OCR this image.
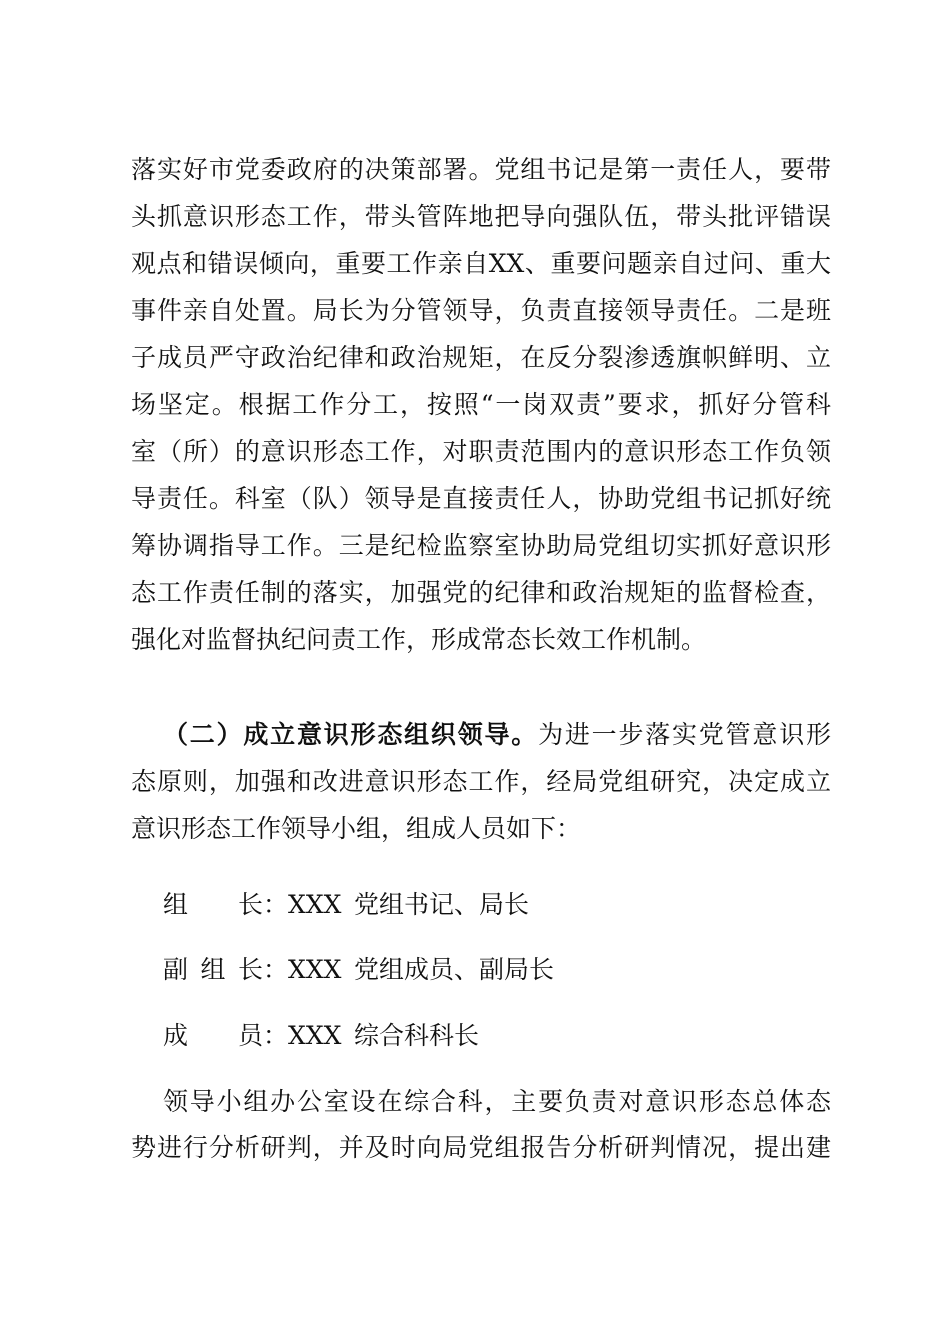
落实好市党委政府的决策部署。党组书记是第一责任人，要带
头抓意识形态工作，带头管阵地把导向强队伍，带头批评错误
观点和错误倾向，重要工作亲自XX、重要问题亲自过问、重大
事件亲自处置。局长为分管领导，负责直接领导责任。二是班
子成员严守政治纪律和政治规矩，在反分裂渗透旗帜鲜明、立
场坚定。根据工作分工，按照“一岗双责”要求，抓好分管科
室（所）的意识形态工作，对职责范围内的意识形态工作负领
导责任。科室（队）领导是直接责任人，协助党组书记抓好统
筹协调指导工作。三是纪检监察室协助局党组切实抓好意识形
态工作责任制的落实，加强党的纪律和政治规矩的监督检查，
强化对监督执纪问责工作，形成常态长效工作机制。
（二）成立意识形态组织领导。为进一步落实党管意识形
态原则，加强和改进意识形态工作，经局党组研究，决定成立
意识形态工作领导小组，组成人员如下：
组　长：XXX 党组书记、局长
副组长：XXX 党组成员、副局长
成　员：XXX 综合科科长
领导小组办公室设在综合科，主要负责对意识形态总体态
势进行分析研判，并及时向局党组报告分析研判情况，提出建
